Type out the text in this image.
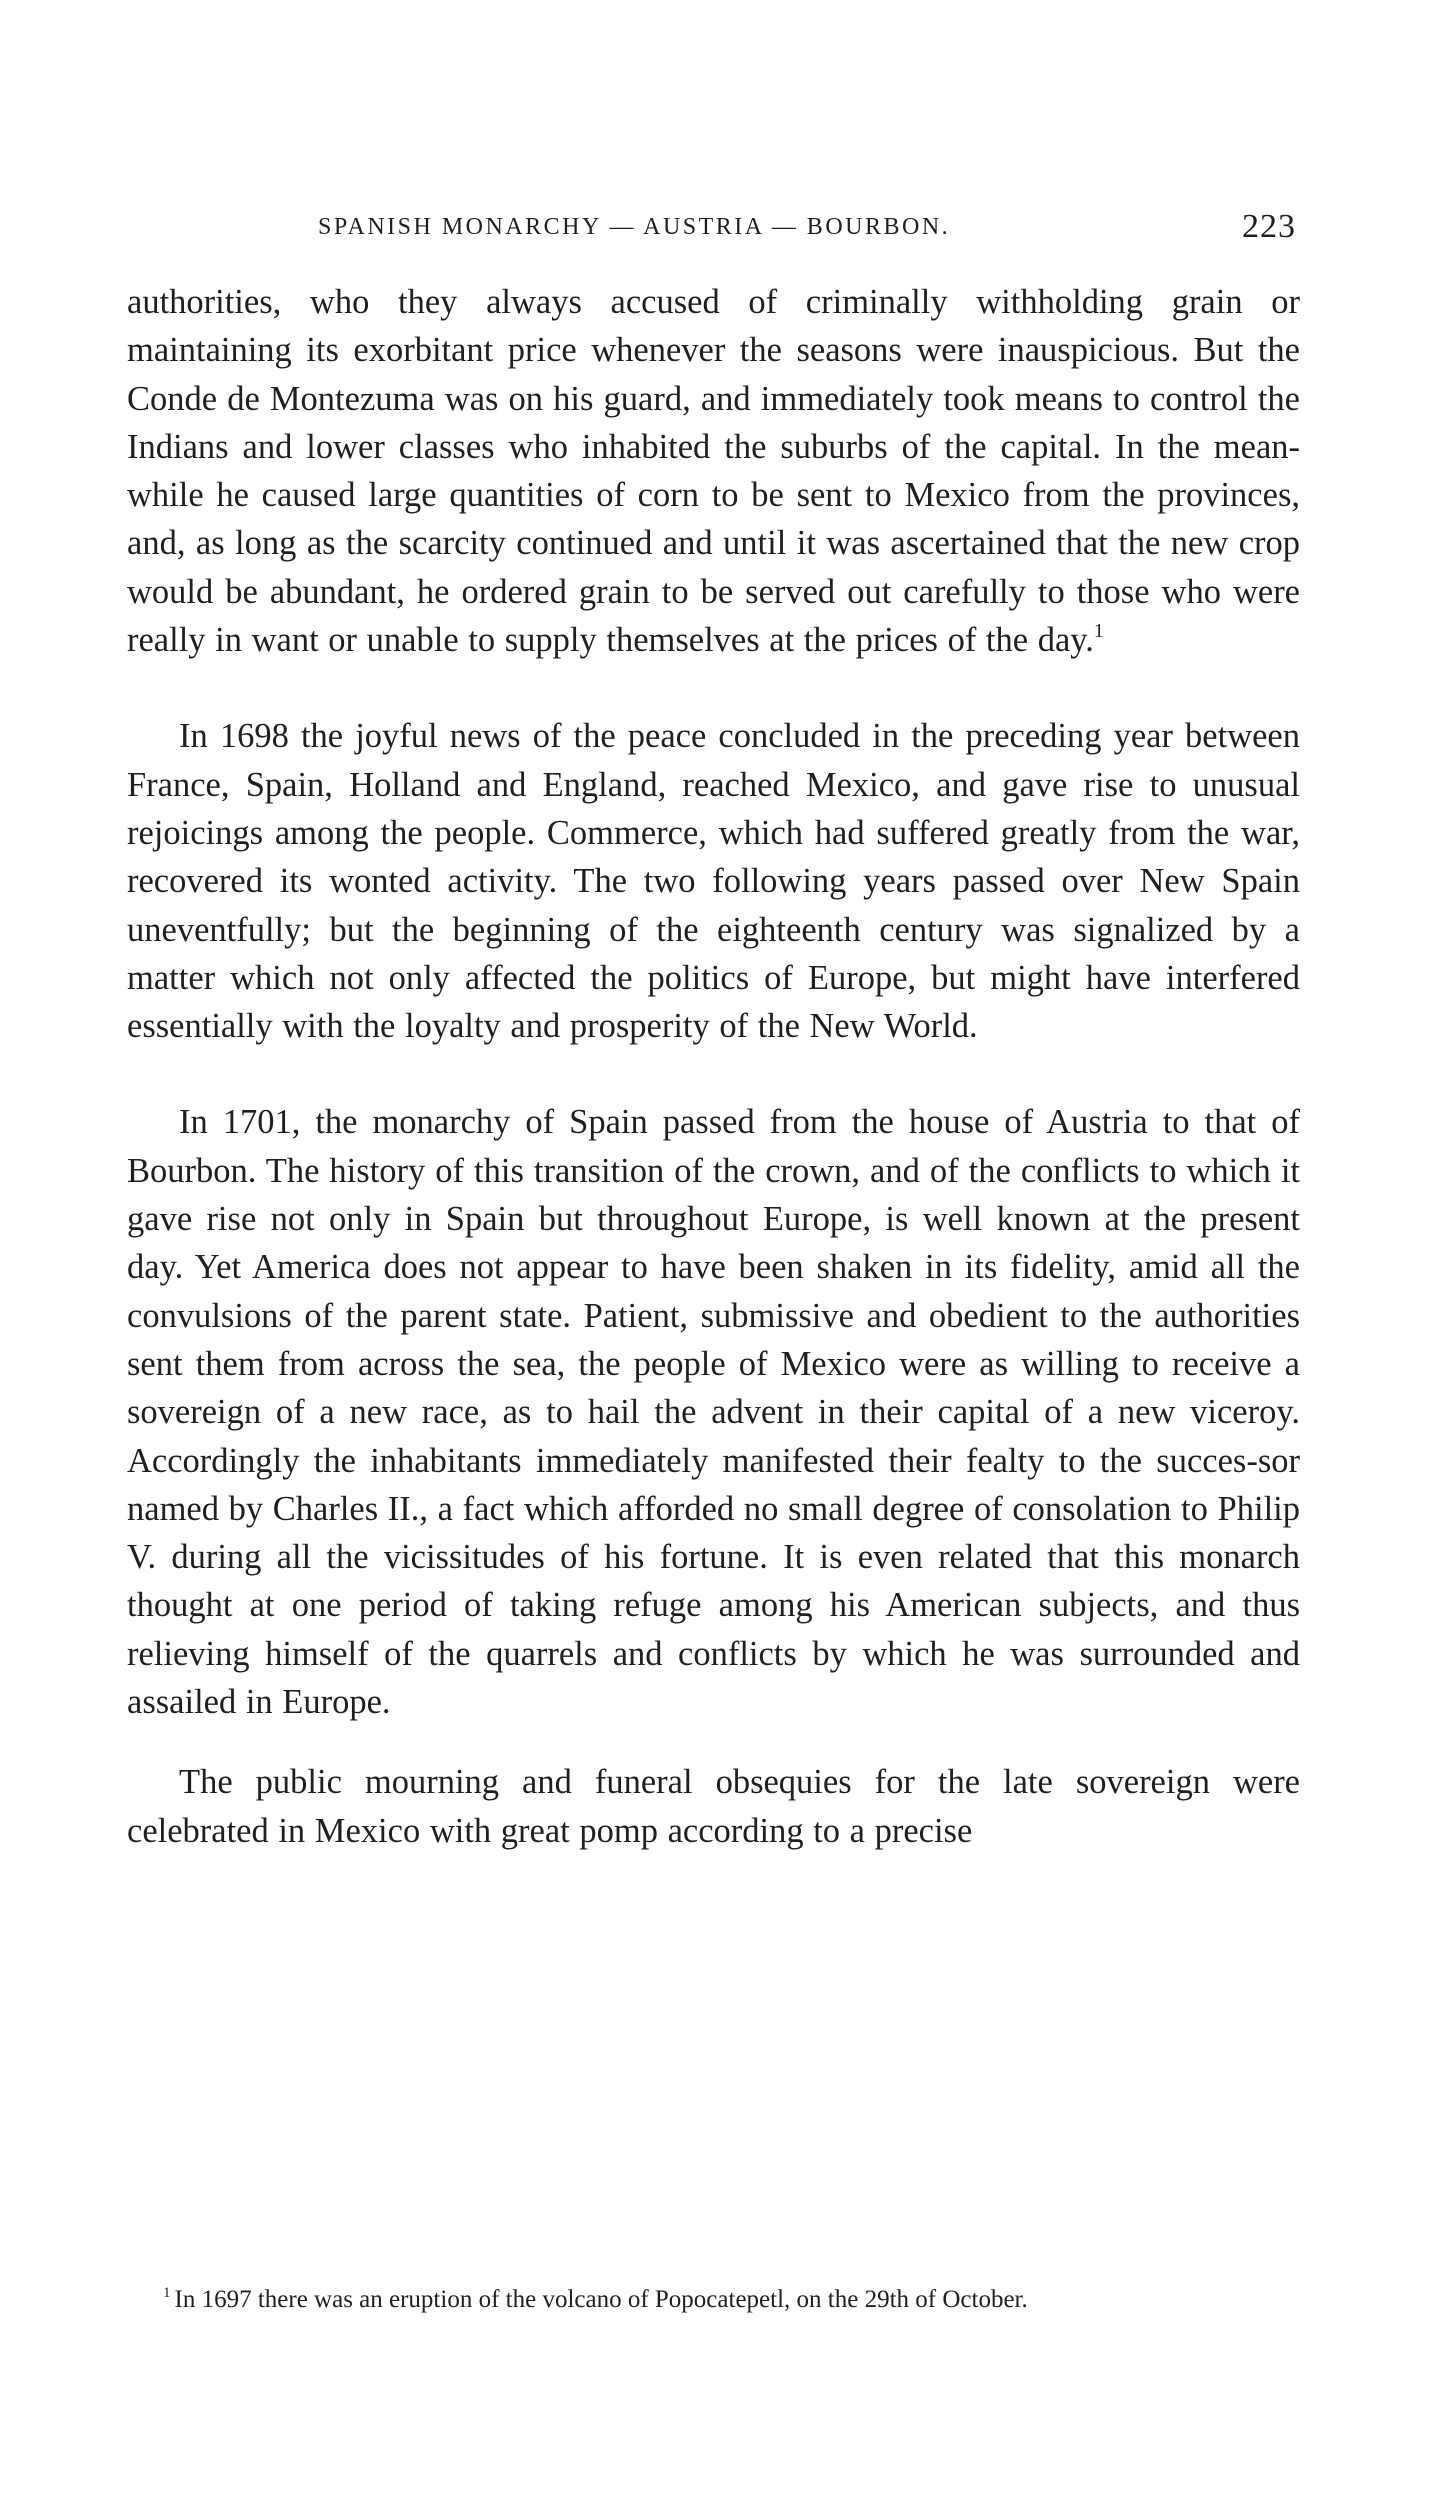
SPANISH MONARCHY — AUSTRIA — BOURBON.	223

authorities, who they always accused of criminally withholding grain or maintaining its exorbitant price whenever the seasons were inauspicious. But the Conde de Montezuma was on his guard, and immediately took means to control the Indians and lower classes who inhabited the suburbs of the capital. In the mean-while he caused large quantities of corn to be sent to Mexico from the provinces, and, as long as the scarcity continued and until it was ascertained that the new crop would be abundant, he ordered grain to be served out carefully to those who were really in want or unable to supply themselves at the prices of the day.$^1$

In 1698 the joyful news of the peace concluded in the preceding year between France, Spain, Holland and England, reached Mexico, and gave rise to unusual rejoicings among the people. Commerce, which had suffered greatly from the war, recovered its wonted activity. The two following years passed over New Spain uneventfully; but the beginning of the eighteenth century was signalized by a matter which not only affected the politics of Europe, but might have interfered essentially with the loyalty and prosperity of the New World.

In 1701, the monarchy of Spain passed from the house of Austria to that of Bourbon. The history of this transition of the crown, and of the conflicts to which it gave rise not only in Spain but throughout Europe, is well known at the present day. Yet America does not appear to have been shaken in its fidelity, amid all the convulsions of the parent state. Patient, submissive and obedient to the authorities sent them from across the sea, the people of Mexico were as willing to receive a sovereign of a new race, as to hail the advent in their capital of a new viceroy. Accordingly the inhabitants immediately manifested their fealty to the succes-sor named by Charles II., a fact which afforded no small degree of consolation to Philip V. during all the vicissitudes of his fortune. It is even related that this monarch thought at one period of taking refuge among his American subjects, and thus relieving himself of the quarrels and conflicts by which he was surrounded and assailed in Europe.

The public mourning and funeral obsequies for the late sovereign were celebrated in Mexico with great pomp according to a precise

$^1$ In 1697 there was an eruption of the volcano of Popocatepetl, on the 29th of October.
